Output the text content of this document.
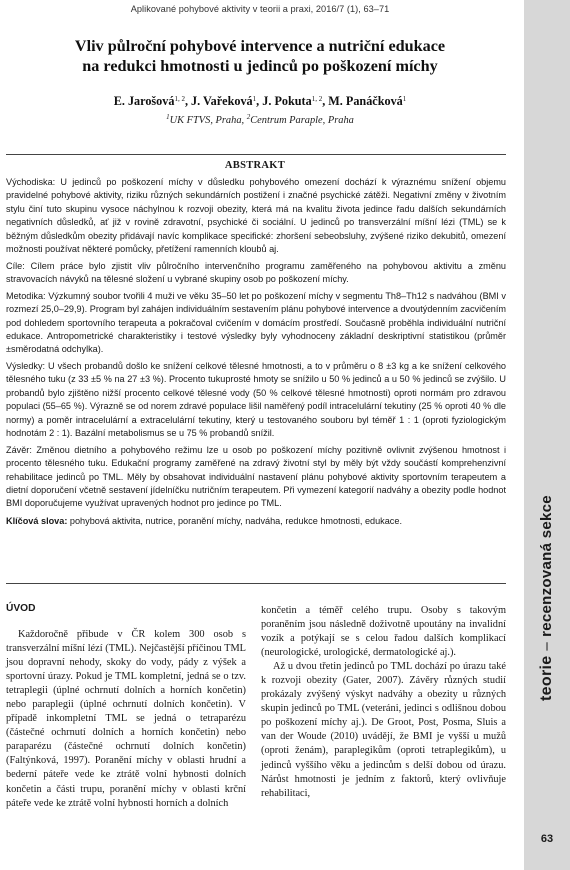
Aplikované pohybové aktivity v teorii a praxi, 2016/7 (1), 63–71
Vliv půlroční pohybové intervence a nutriční edukace
na redukci hmotnosti u jedinců po poškození míchy
E. Jarošová$^{1, 2}$, J. Vařeková$^1$, J. Pokuta$^{1, 2}$, M. Panáčková$^1$
$^1$UK FTVS, Praha, $^2$Centrum Paraple, Praha
ABSTRAKT

Východiska: U jedinců po poškození míchy v důsledku pohybového omezení dochází k výraznému snížení objemu pravidelné pohybové aktivity, riziku různých sekundárních postižení i značné psychické zátěži. Negativní změny v životním stylu činí tuto skupinu vysoce náchylnou k rozvoji obezity, která má na kvalitu života jedince řadu dalších sekundárních negativních důsledků, ať již v rovině zdravotní, psychické či sociální. U jedinců po transverzální míšní lézi (TML) se k běžným důsledkům obezity přidávají navíc komplikace specifické: zhoršení sebeobsluhy, zvýšené riziko dekubitů, omezení možnosti používat některé pomůcky, přetížení ramenních kloubů aj.

Cíle: Cílem práce bylo zjistit vliv půlročního intervenčního programu zaměřeného na pohybovou aktivitu a změnu stravovacích návyků na tělesné složení u vybrané skupiny osob po poškození míchy.

Metodika: Výzkumný soubor tvořili 4 muži ve věku 35–50 let po poškození míchy v segmentu Th8–Th12 s nadváhou (BMI v rozmezí 25,0–29,9). Program byl zahájen individuálním sestavením plánu pohybové intervence a dvoutýdenním zacvičením pod dohledem sportovního terapeuta a pokračoval cvičením v domácím prostředí. Současně proběhla individuální nutriční edukace. Antropometrické charakteristiky i testové výsledky byly vyhodnoceny základní deskriptivní statistikou (průměr ±směrodatná odchylka).

Výsledky: U všech probandů došlo ke snížení celkové tělesné hmotnosti, a to v průměru o 8 ±3 kg a ke snížení celkového tělesného tuku (z 33 ±5 % na 27 ±3 %). Procento tukuprosté hmoty se snížilo u 50 % jedinců a u 50 % jedinců se zvýšilo. U probandů bylo zjištěno nižší procento celkové tělesné vody (50 % celkové tělesné hmotnosti) oproti normám pro zdravou populaci (55–65 %). Výrazně se od norem zdravé populace lišil naměřený podíl intracelulární tekutiny (25 % oproti 40 % dle normy) a poměr intracelulární a extracelulární tekutiny, který u testovaného souboru byl téměř 1 : 1 (oproti fyziologickým hodnotám 2 : 1). Bazální metabolismus se u 75 % probandů snížil.

Závěr: Změnou dietního a pohybového režimu lze u osob po poškození míchy pozitivně ovlivnit zvýšenou hmotnost i procento tělesného tuku. Edukační programy zaměřené na zdravý životní styl by měly být vždy součástí komprehenzivní rehabilitace jedinců po TML. Měly by obsahovat individuální nastavení plánu pohybové aktivity sportovním terapeutem a dietní doporučení včetně sestavení jídelníčku nutričním terapeutem. Při vymezení kategorií nadváhy a obezity podle hodnot BMI doporučujeme využívat upravených hodnot pro jedince po TML.

Klíčová slova: pohybová aktivita, nutrice, poranění míchy, nadváha, redukce hmotnosti, edukace.

ÚVOD

Každoročně přibude v ČR kolem 300 osob s transverzální míšní lézí (TML). Nejčastější příčinou TML jsou dopravní nehody, skoky do vody, pády z výšek a sportovní úrazy. Pokud je TML kompletní, jedná se o tzv. tetraplegii (úplné ochrnutí dolních a horních končetin) nebo paraplegii (úplné ochrnutí dolních končetin). V případě inkompletní TML se jedná o tetraparézu (částečné ochrnutí dolních a horních končetin) nebo paraparézu (částečné ochrnutí dolních končetin) (Faltýnková, 1997). Poranění míchy v oblasti hrudní a bederní páteře vede ke ztrátě volní hybnosti dolních končetin a části trupu, poranění míchy v oblasti krční páteře vede ke ztrátě volní hybnosti horních a dolních

končetin a téměř celého trupu. Osoby s takovým poraněním jsou následně doživotně upoutány na invalidní vozík a potýkají se s celou řadou dalších komplikací (neurologické, urologické, dermatologické aj.).

Až u dvou třetin jedinců po TML dochází po úrazu také k rozvoji obezity (Gater, 2007). Závěry různých studií prokázaly zvýšený výskyt nadváhy a obezity u různých skupin jedinců po TML (veteráni, jedinci s odlišnou dobou po poškození míchy aj.). De Groot, Post, Posma, Sluis a van der Woude (2010) uvádějí, že BMI je vyšší u mužů (oproti ženám), paraplegikům (oproti tetraplegikům), u jedinců vyššího věku a jedincům s delší dobou od úrazu. Nárůst hmotnosti je jedním z faktorů, který ovlivňuje rehabilitaci,

teorie–recenzovaná sekce
63
